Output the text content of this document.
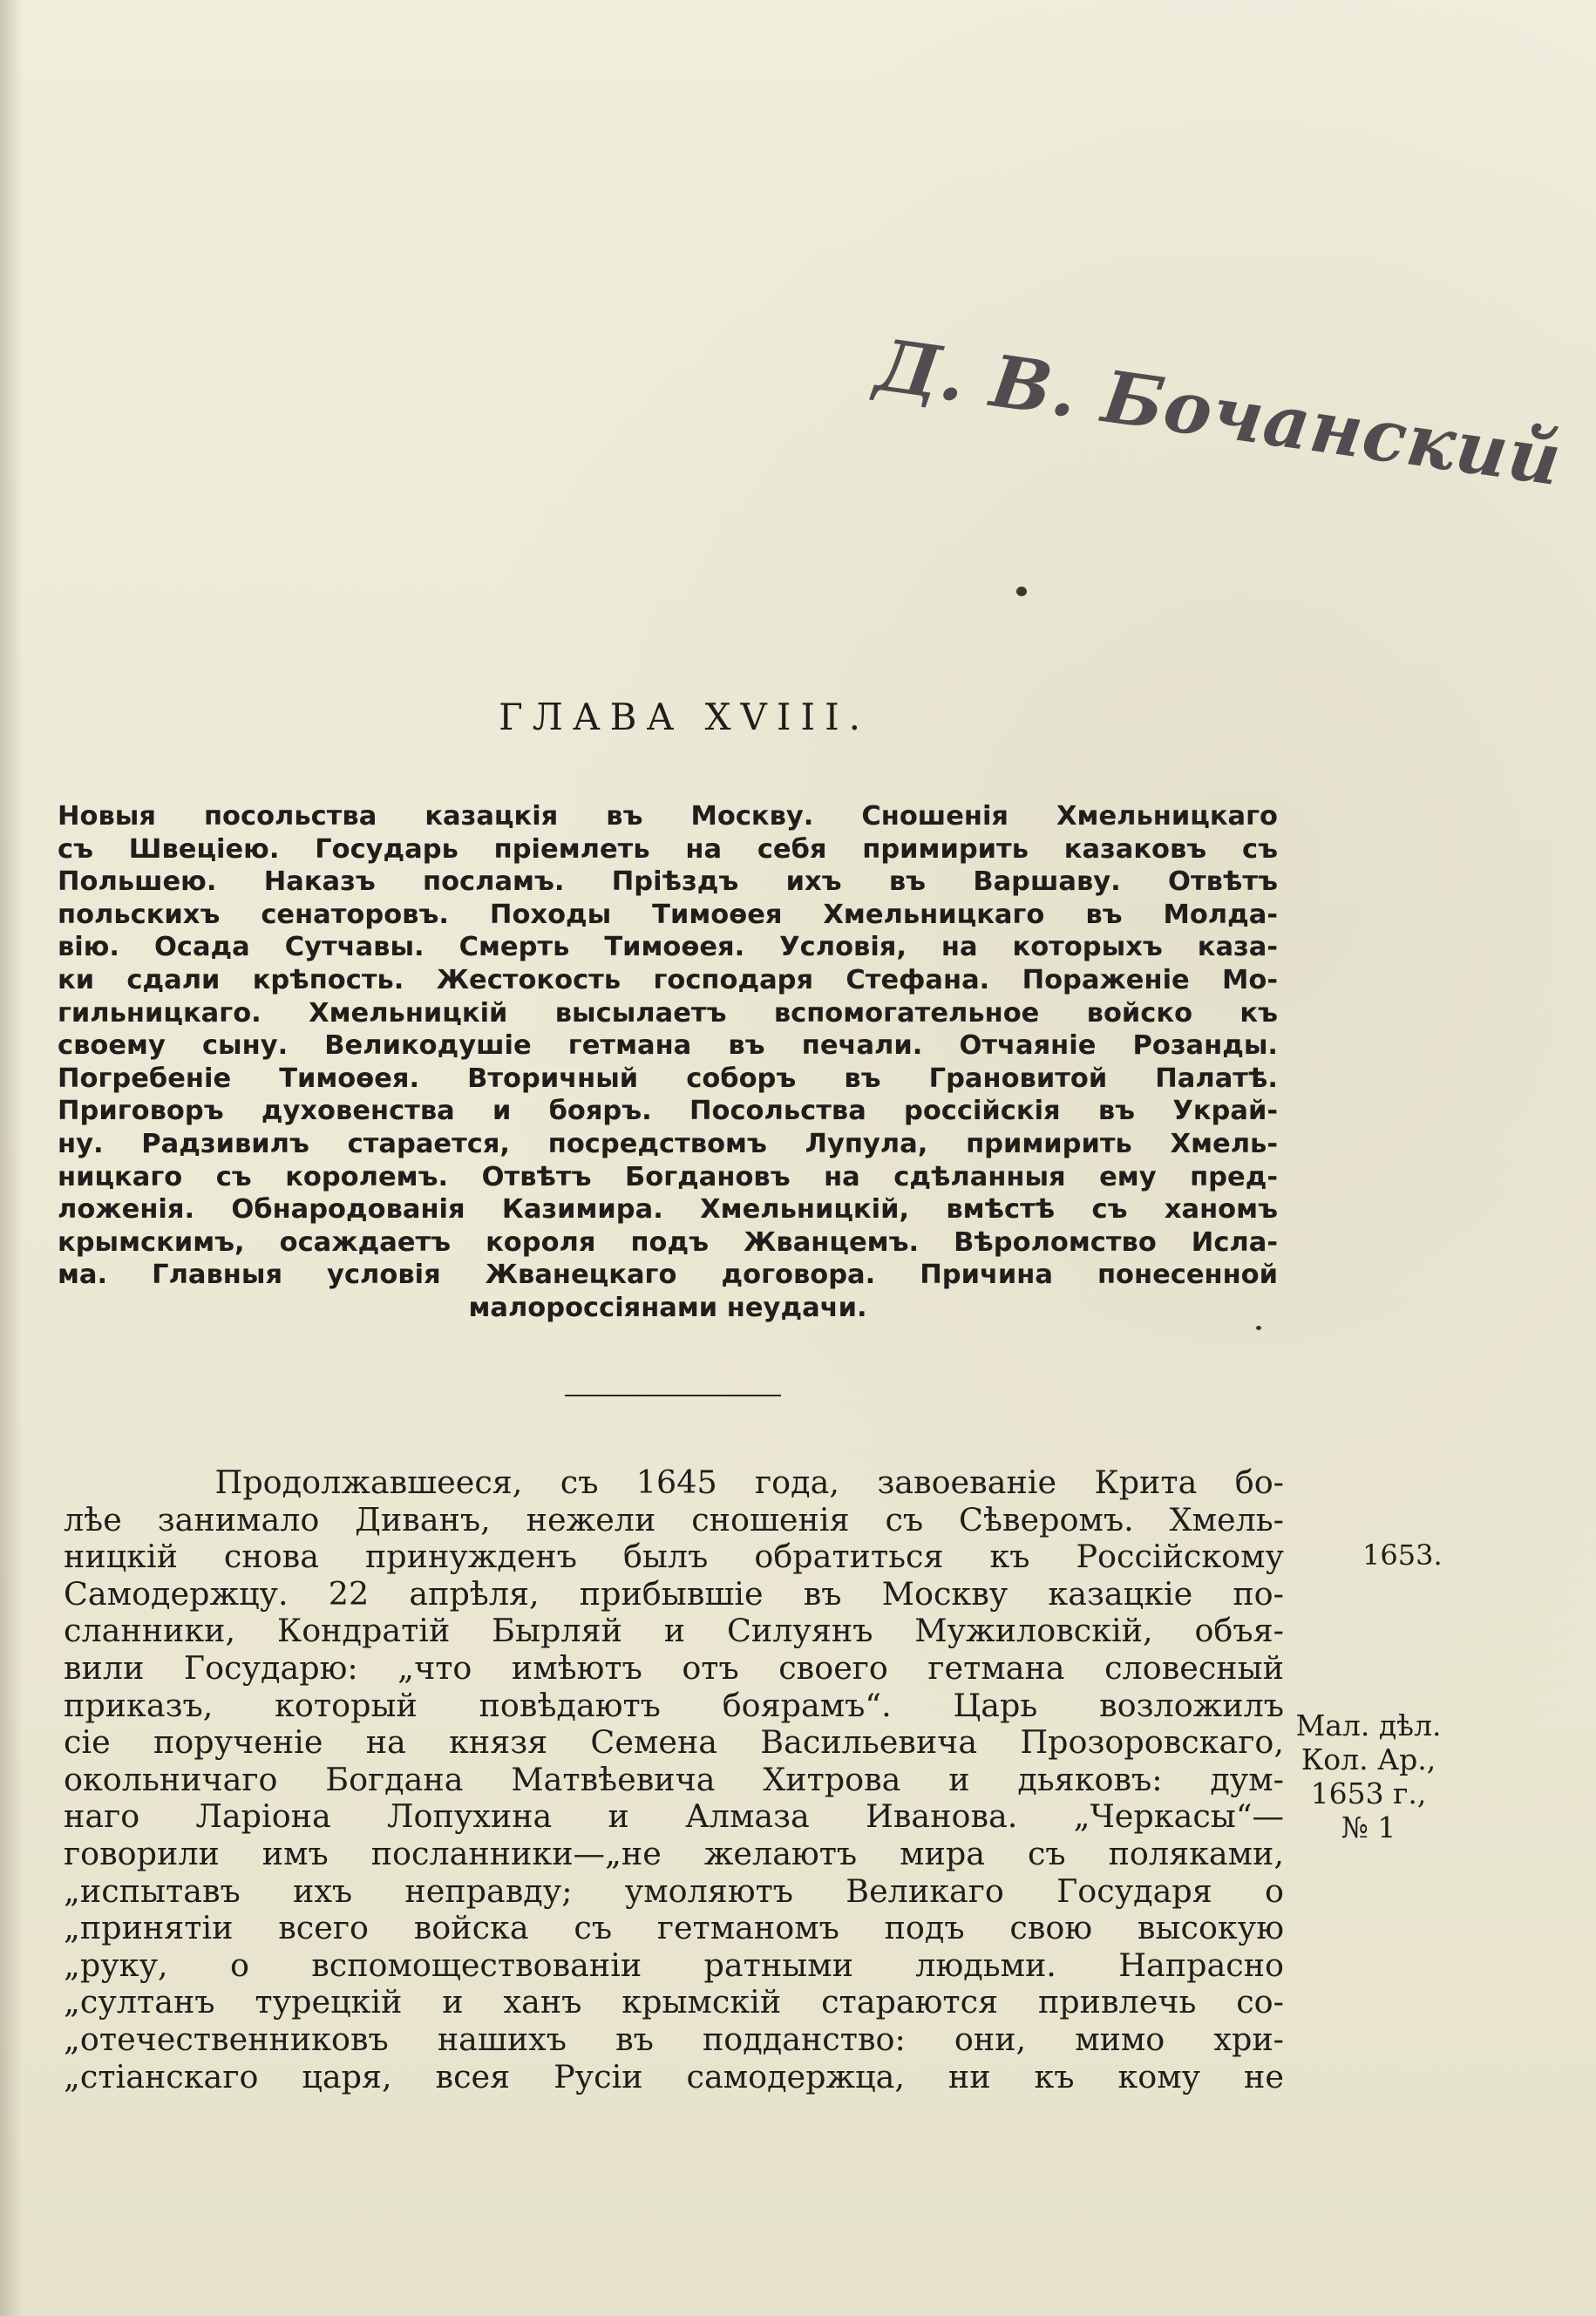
Д. В. Бочанский
ГЛАВА XVIII.
Новыя посольства казацкія въ Москву. Сношенія Хмельницкаго
съ Швеціею. Государь пріемлеть на себя примирить казаковъ съ
Польшею. Наказъ посламъ. Пріѣздъ ихъ въ Варшаву. Отвѣтъ
польскихъ сенаторовъ. Походы Тимоѳея Хмельницкаго въ Молда-
вію. Осада Сутчавы. Смерть Тимоѳея. Условія, на которыхъ каза-
ки сдали крѣпость. Жестокость господаря Стефана. Пораженіе Мо-
гильницкаго. Хмельницкій высылаетъ вспомогательное войско къ
своему сыну. Великодушіе гетмана въ печали. Отчаяніе Розанды.
Погребеніе Тимоѳея. Вторичный соборъ въ Грановитой Палатѣ.
Приговоръ духовенства и бояръ. Посольства россійскія въ Украй-
ну. Радзивилъ старается, посредствомъ Лупула, примирить Хмель-
ницкаго съ королемъ. Отвѣтъ Богдановъ на сдѣланныя ему пред-
ложенія. Обнародованія Казимира. Хмельницкій, вмѣстѣ съ ханомъ
крымскимъ, осаждаетъ короля подъ Жванцемъ. Вѣроломство Исла-
ма. Главныя условія Жванецкаго договора. Причина понесенной
малороссіянами неудачи.
Продолжавшееся, съ 1645 года, завоеваніе Крита бо-
лѣе занимало Диванъ, нежели сношенія съ Сѣверомъ. Хмель-
ницкій снова принужденъ былъ обратиться къ Россійскому
Самодержцу. 22 апрѣля, прибывшіе въ Москву казацкіе по-
сланники, Кондратій Бырляй и Силуянъ Мужиловскій, объя-
вили Государю: „что имѣютъ отъ своего гетмана словесный
приказъ, который повѣдаютъ боярамъ“. Царь возложилъ
сіе порученіе на князя Семена Васильевича Прозоровскаго,
окольничаго Богдана Матвѣевича Хитрова и дьяковъ: дум-
наго Ларіона Лопухина и Алмаза Иванова. „Черкасы“—
говорили имъ посланники—„не желаютъ мира съ поляками,
„испытавъ ихъ неправду; умоляютъ Великаго Государя о
„принятіи всего войска съ гетманомъ подъ свою высокую
„руку, о вспомоществованіи ратными людьми. Напрасно
„султанъ турецкій и ханъ крымскій стараются привлечь со-
„отечественниковъ нашихъ въ подданство: они, мимо хри-
„стіанскаго царя, всея Русіи самодержца, ни къ кому не
1653.
Мал. дѣл.
Кол. Ар.,
1653 г.,
№ 1
